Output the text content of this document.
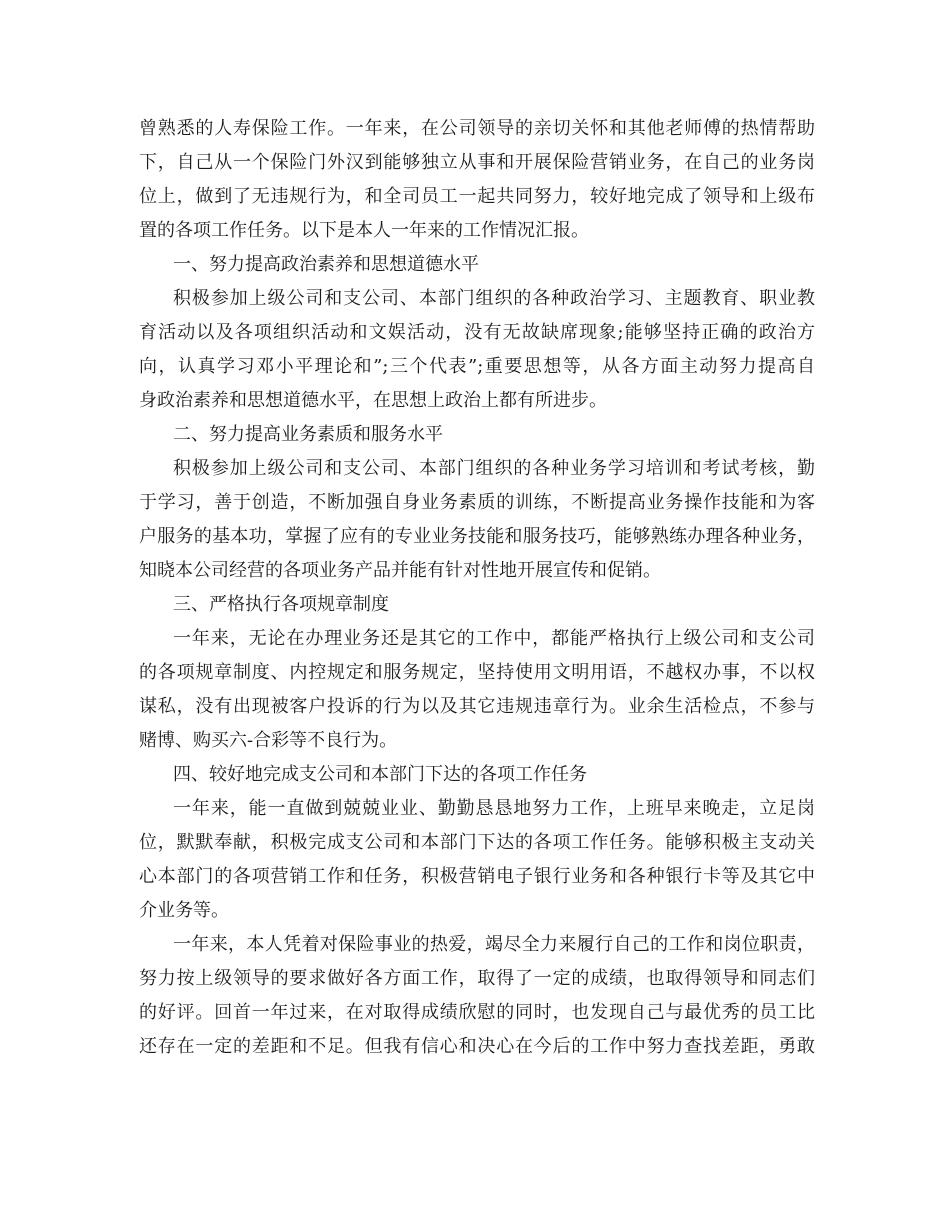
曾熟悉的人寿保险工作。一年来，在公司领导的亲切关怀和其他老师傅的热情帮助
下，自己从一个保险门外汉到能够独立从事和开展保险营销业务，在自己的业务岗
位上，做到了无违规行为，和全司员工一起共同努力，较好地完成了领导和上级布
置的各项工作任务。以下是本人一年来的工作情况汇报。
一、努力提高政治素养和思想道德水平
积极参加上级公司和支公司、本部门组织的各种政治学习、主题教育、职业教
育活动以及各项组织活动和文娱活动，没有无故缺席现象;能够坚持正确的政治方
向，认真学习邓小平理论和”;三个代表”;重要思想等，从各方面主动努力提高自
身政治素养和思想道德水平，在思想上政治上都有所进步。
二、努力提高业务素质和服务水平
积极参加上级公司和支公司、本部门组织的各种业务学习培训和考试考核，勤
于学习，善于创造，不断加强自身业务素质的训练，不断提高业务操作技能和为客
户服务的基本功，掌握了应有的专业业务技能和服务技巧，能够熟练办理各种业务，
知晓本公司经营的各项业务产品并能有针对性地开展宣传和促销。
三、严格执行各项规章制度
一年来，无论在办理业务还是其它的工作中，都能严格执行上级公司和支公司
的各项规章制度、内控规定和服务规定，坚持使用文明用语，不越权办事，不以权
谋私，没有出现被客户投诉的行为以及其它违规违章行为。业余生活检点，不参与
赌博、购买六-合彩等不良行为。
四、较好地完成支公司和本部门下达的各项工作任务
一年来，能一直做到兢兢业业、勤勤恳恳地努力工作，上班早来晚走，立足岗
位，默默奉献，积极完成支公司和本部门下达的各项工作任务。能够积极主支动关
心本部门的各项营销工作和任务，积极营销电子银行业务和各种银行卡等及其它中
介业务等。
一年来，本人凭着对保险事业的热爱，竭尽全力来履行自己的工作和岗位职责，
努力按上级领导的要求做好各方面工作，取得了一定的成绩，也取得领导和同志们
的好评。回首一年过来，在对取得成绩欣慰的同时，也发现自己与最优秀的员工比
还存在一定的差距和不足。但我有信心和决心在今后的工作中努力查找差距，勇敢
